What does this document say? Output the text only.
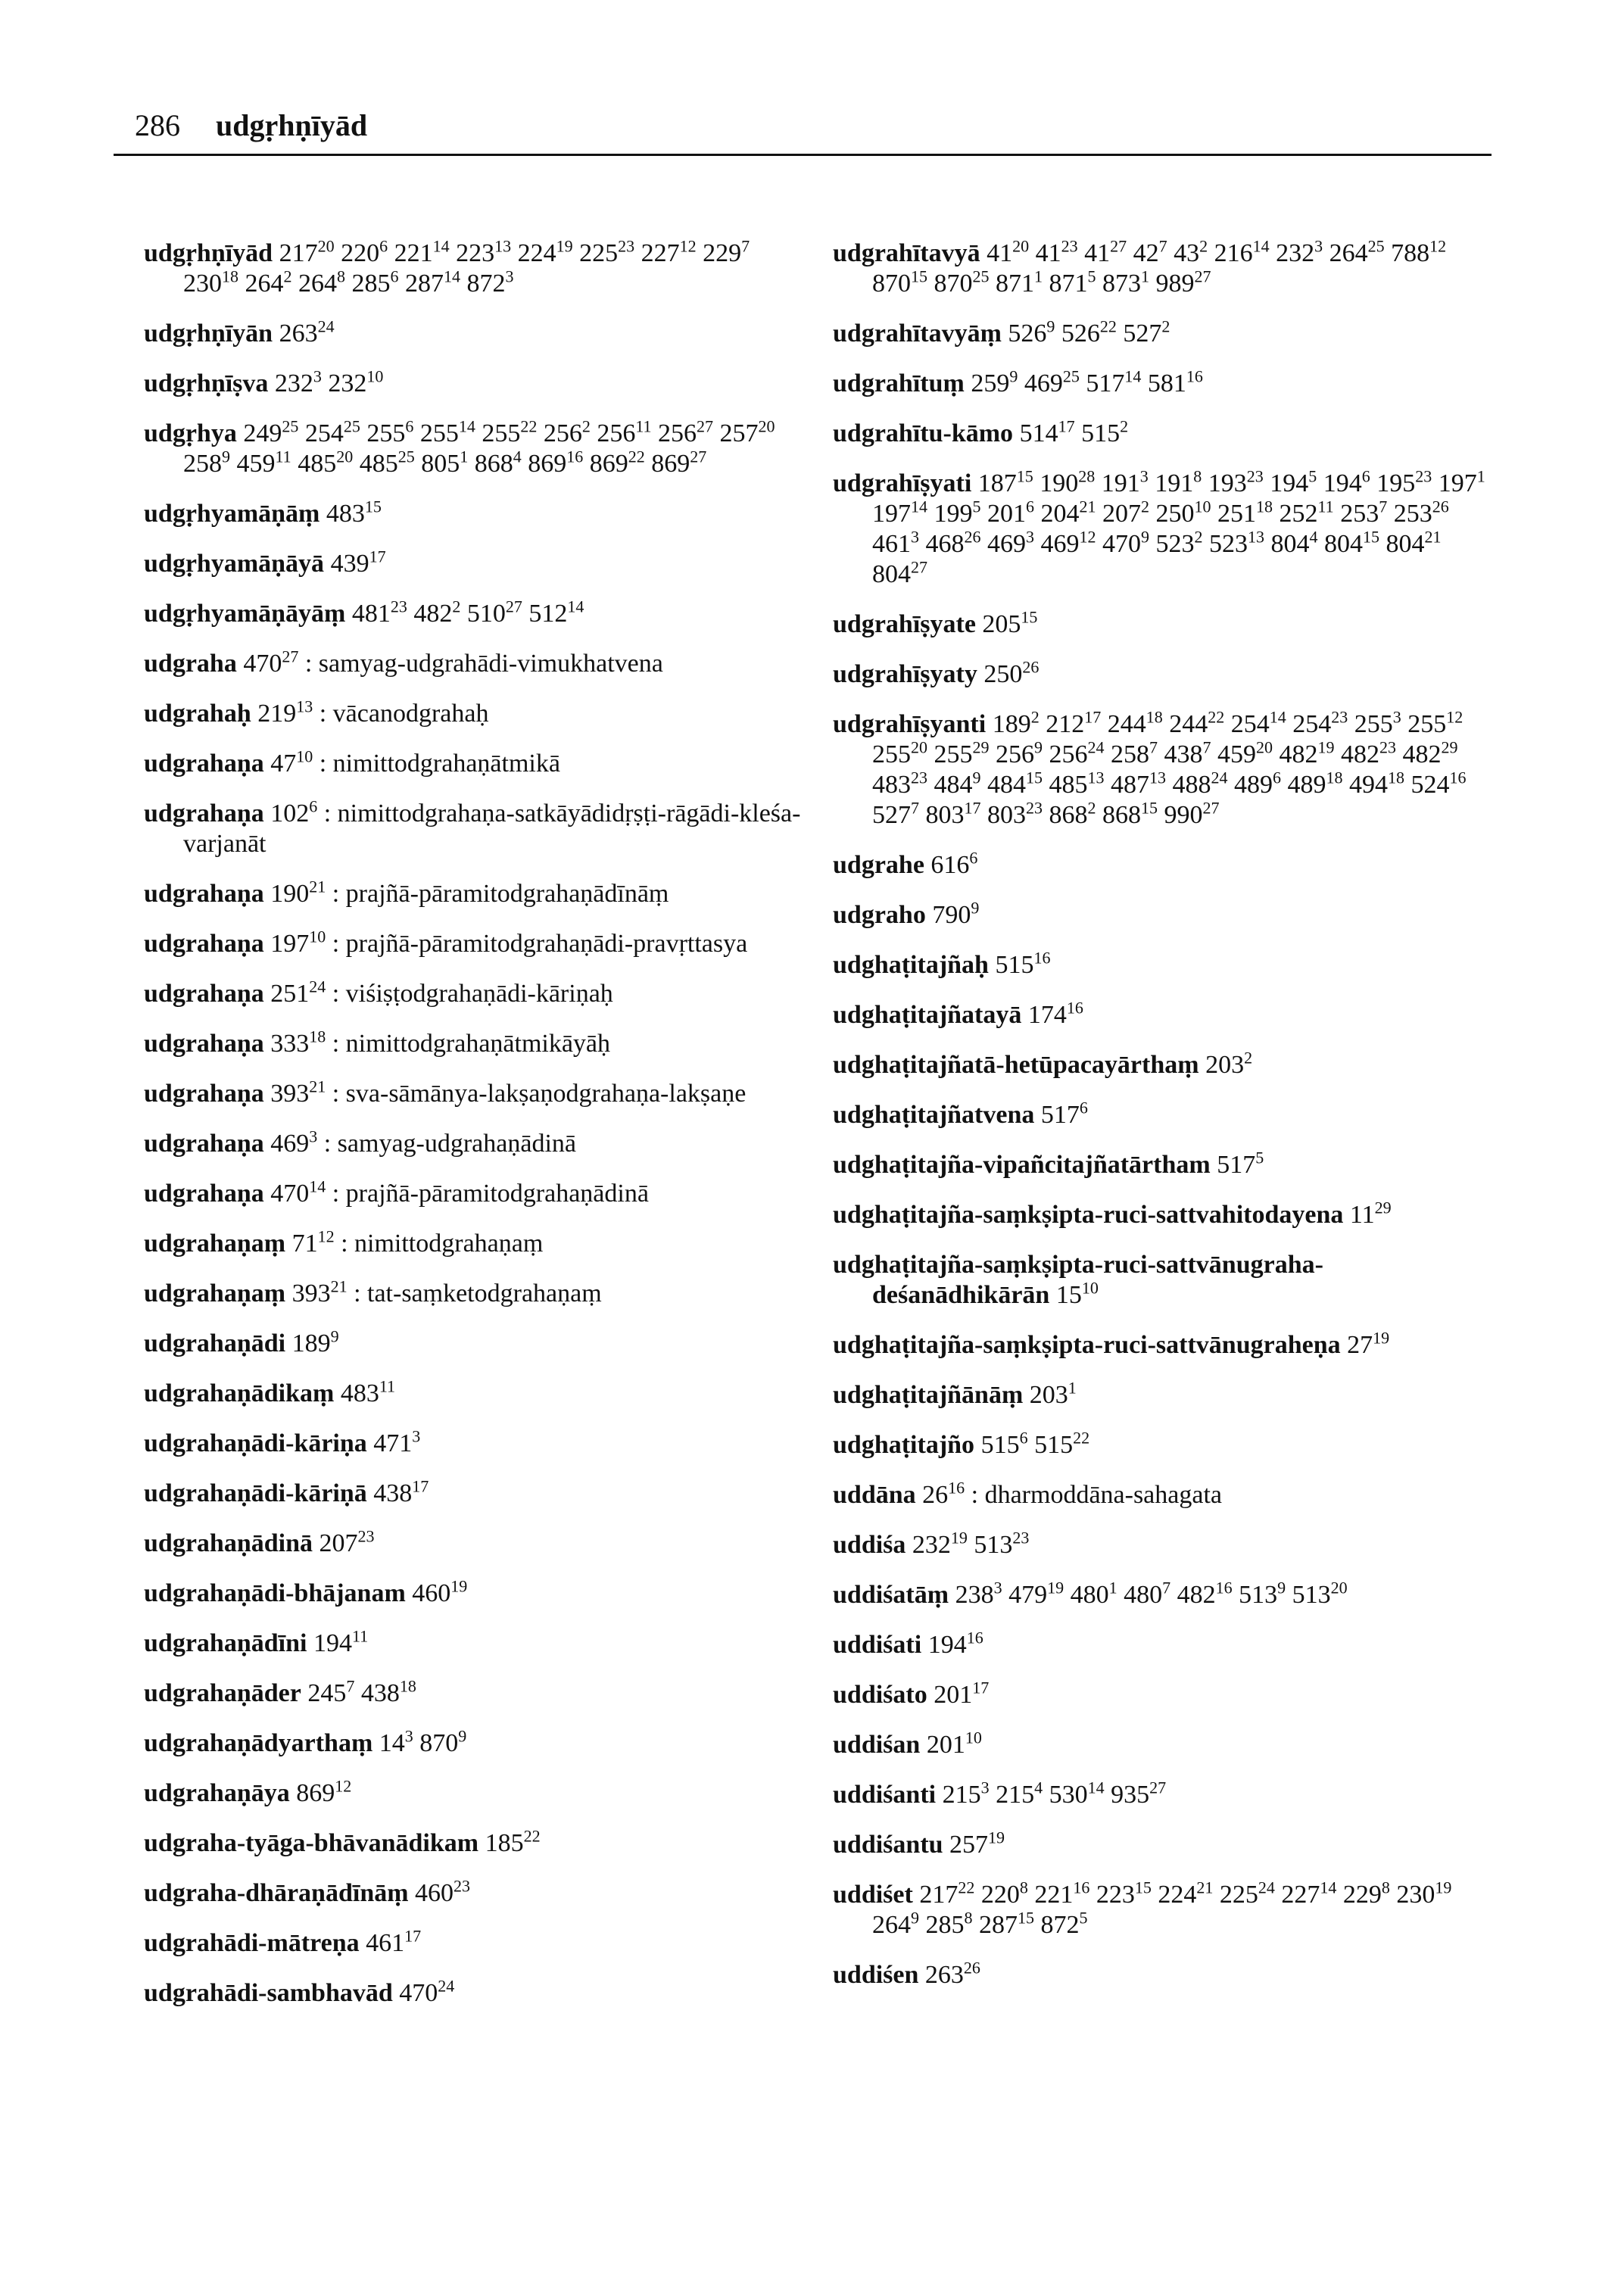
286 udgṛhṇīyād

udgṛhṇīyād $217^{20}$ $220^6$ $221^{14}$ $223^{13}$ $224^{19}$ $225^{23}$ $227^{12}$ $229^7$ $230^{18}$ $264^2$ $264^8$ $285^6$ $287^{14}$ $872^3$

udgṛhṇīyān $263^{24}$

udgṛhṇīṣva $232^3$ $232^{10}$

udgṛhya $249^{25}$ $254^{25}$ $255^6$ $255^{14}$ $255^{22}$ $256^2$ $256^{11}$ $256^{27}$ $257^{20}$ $258^9$ $459^{11}$ $485^{20}$ $485^{25}$ $805^1$ $868^4$ $869^{16}$ $869^{22}$ $869^{27}$

udgṛhyamāṇāṃ $483^{15}$

udgṛhyamāṇāyā $439^{17}$

udgṛhyamāṇāyāṃ $481^{23}$ $482^2$ $510^{27}$ $512^{14}$

udgraha $470^{27}$ : samyag-udgrahādi-vimukhatvena

udgrahaḥ $219^{13}$ : vācanodgrahaḥ

udgrahaṇa $47^{10}$ : nimittodgrahaṇātmikā

udgrahaṇa $102^6$ : nimittodgrahaṇa-satkāyādidṛṣṭi-rāgādi-kleśa-varjanāt

udgrahaṇa $190^{21}$ : prajñā-pāramitodgrahaṇādīnāṃ

udgrahaṇa $197^{10}$ : prajñā-pāramitodgrahaṇādi-pravṛttasya

udgrahaṇa $251^{24}$ : viśiṣṭodgrahaṇādi-kāriṇaḥ

udgrahaṇa $333^{18}$ : nimittodgrahaṇātmikāyāḥ

udgrahaṇa $393^{21}$ : sva-sāmānya-lakṣaṇodgrahaṇa-lakṣaṇe

udgrahaṇa $469^3$ : samyag-udgrahaṇādinā

udgrahaṇa $470^{14}$ : prajñā-pāramitodgrahaṇādinā

udgrahaṇaṃ $71^{12}$ : nimittodgrahaṇaṃ

udgrahaṇaṃ $393^{21}$ : tat-saṃketodgrahaṇaṃ

udgrahaṇādi $189^9$

udgrahaṇādikaṃ $483^{11}$

udgrahaṇādi-kāriṇa $471^3$

udgrahaṇādi-kāriṇā $438^{17}$

udgrahaṇādinā $207^{23}$

udgrahaṇādi-bhājanam $460^{19}$

udgrahaṇādīni $194^{11}$

udgrahaṇāder $245^7$ $438^{18}$

udgrahaṇādyarthaṃ $14^3$ $870^9$

udgrahaṇāya $869^{12}$

udgraha-tyāga-bhāvanādikam $185^{22}$

udgraha-dhāraṇādīnāṃ $460^{23}$

udgrahādi-mātreṇa $461^{17}$

udgrahādi-sambhavād $470^{24}$

udgrahītavyā $41^{20}$ $41^{23}$ $41^{27}$ $42^7$ $43^2$ $216^{14}$ $232^3$ $264^{25}$ $788^{12}$ $870^{15}$ $870^{25}$ $871^1$ $871^5$ $873^1$ $989^{27}$

udgrahītavyāṃ $526^9$ $526^{22}$ $527^2$

udgrahītuṃ $259^9$ $469^{25}$ $517^{14}$ $581^{16}$

udgrahītu-kāmo $514^{17}$ $515^2$

udgrahīṣyati $187^{15}$ $190^{28}$ $191^3$ $191^8$ $193^{23}$ $194^5$ $194^6$ $195^{23}$ $197^1$ $197^{14}$ $199^5$ $201^6$ $204^{21}$ $207^2$ $250^{10}$ $251^{18}$ $252^{11}$ $253^7$ $253^{26}$ $461^3$ $468^{26}$ $469^3$ $469^{12}$ $470^9$ $523^2$ $523^{13}$ $804^4$ $804^{15}$ $804^{21}$ $804^{27}$

udgrahīṣyate $205^{15}$

udgrahīṣyaty $250^{26}$

udgrahīṣyanti $189^2$ $212^{17}$ $244^{18}$ $244^{22}$ $254^{14}$ $254^{23}$ $255^3$ $255^{12}$ $255^{20}$ $255^{29}$ $256^9$ $256^{24}$ $258^7$ $438^7$ $459^{20}$ $482^{19}$ $482^{23}$ $482^{29}$ $483^{23}$ $484^9$ $484^{15}$ $485^{13}$ $487^{13}$ $488^{24}$ $489^6$ $489^{18}$ $494^{18}$ $524^{16}$ $527^7$ $803^{17}$ $803^{23}$ $868^2$ $868^{15}$ $990^{27}$

udgrahe $616^6$

udgraho $790^9$

udghaṭitajñaḥ $515^{16}$

udghaṭitajñatayā $174^{16}$

udghaṭitajñatā-hetūpacayārthaṃ $203^2$

udghaṭitajñatvena $517^6$

udghaṭitajña-vipañcitajñatārtham $517^5$

udghaṭitajña-saṃkṣipta-ruci-sattvahitodayena $11^{29}$

udghaṭitajña-saṃkṣipta-ruci-sattvānugraha-deśanādhikārān $15^{10}$

udghaṭitajña-saṃkṣipta-ruci-sattvānugraheṇa $27^{19}$

udghaṭitajñānāṃ $203^1$

udghaṭitajño $515^6$ $515^{22}$

uddāna $26^{16}$ : dharmoddāna-sahagata

uddiśa $232^{19}$ $513^{23}$

uddiśatāṃ $238^3$ $479^{19}$ $480^1$ $480^7$ $482^{16}$ $513^9$ $513^{20}$

uddiśati $194^{16}$

uddiśato $201^{17}$

uddiśan $201^{10}$

uddiśanti $215^3$ $215^4$ $530^{14}$ $935^{27}$

uddiśantu $257^{19}$

uddiśet $217^{22}$ $220^8$ $221^{16}$ $223^{15}$ $224^{21}$ $225^{24}$ $227^{14}$ $229^8$ $230^{19}$ $264^9$ $285^8$ $287^{15}$ $872^5$

uddiśen $263^{26}$
